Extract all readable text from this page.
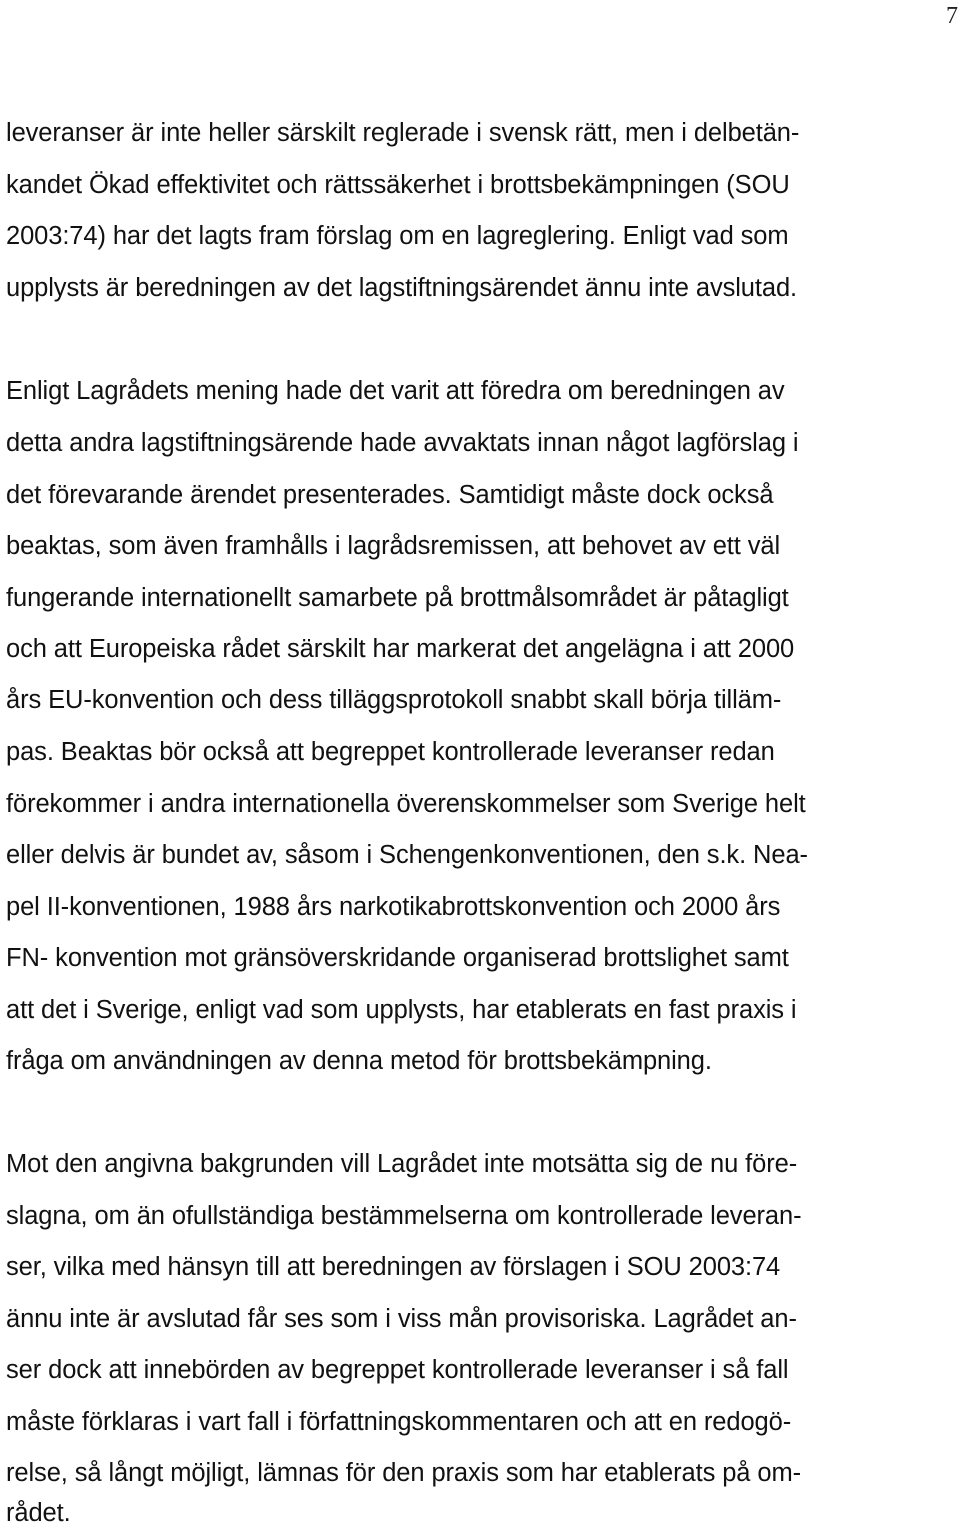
7
leveranser är inte heller särskilt reglerade i svensk rätt, men i delbetän-
kandet Ökad effektivitet och rättssäkerhet i brottsbekämpningen (SOU
2003:74) har det lagts fram förslag om en lagreglering. Enligt vad som
upplysts är beredningen av det lagstiftningsärendet ännu inte avslutad.
Enligt Lagrådets mening hade det varit att föredra om beredningen av
detta andra lagstiftningsärende hade avvaktats innan något lagförslag i
det förevarande ärendet presenterades. Samtidigt måste dock också
beaktas, som även framhålls i lagrådsremissen, att behovet av ett väl
fungerande internationellt samarbete på brottmålsområdet är påtagligt
och att Europeiska rådet särskilt har markerat det angelägna i att 2000
års EU-konvention och dess tilläggsprotokoll snabbt skall börja tilläm-
pas. Beaktas bör också att begreppet kontrollerade leveranser redan
förekommer i andra internationella överenskommelser som Sverige helt
eller delvis är bundet av, såsom i Schengenkonventionen, den s.k. Nea-
pel II-konventionen, 1988 års narkotikabrottskonvention och 2000 års
FN- konvention mot gränsöverskridande organiserad brottslighet samt
att det i Sverige, enligt vad som upplysts, har etablerats en fast praxis i
fråga om användningen av denna metod för brottsbekämpning.
Mot den angivna bakgrunden vill Lagrådet inte motsätta sig de nu före-
slagna, om än ofullständiga bestämmelserna om kontrollerade leveran-
ser, vilka med hänsyn till att beredningen av förslagen i SOU 2003:74
ännu inte är avslutad får ses som i viss mån provisoriska. Lagrådet an-
ser dock att innebörden av begreppet kontrollerade leveranser i så fall
måste förklaras i vart fall i författningskommentaren och att en redogö-
relse, så långt möjligt, lämnas för den praxis som har etablerats på om-
rådet.
